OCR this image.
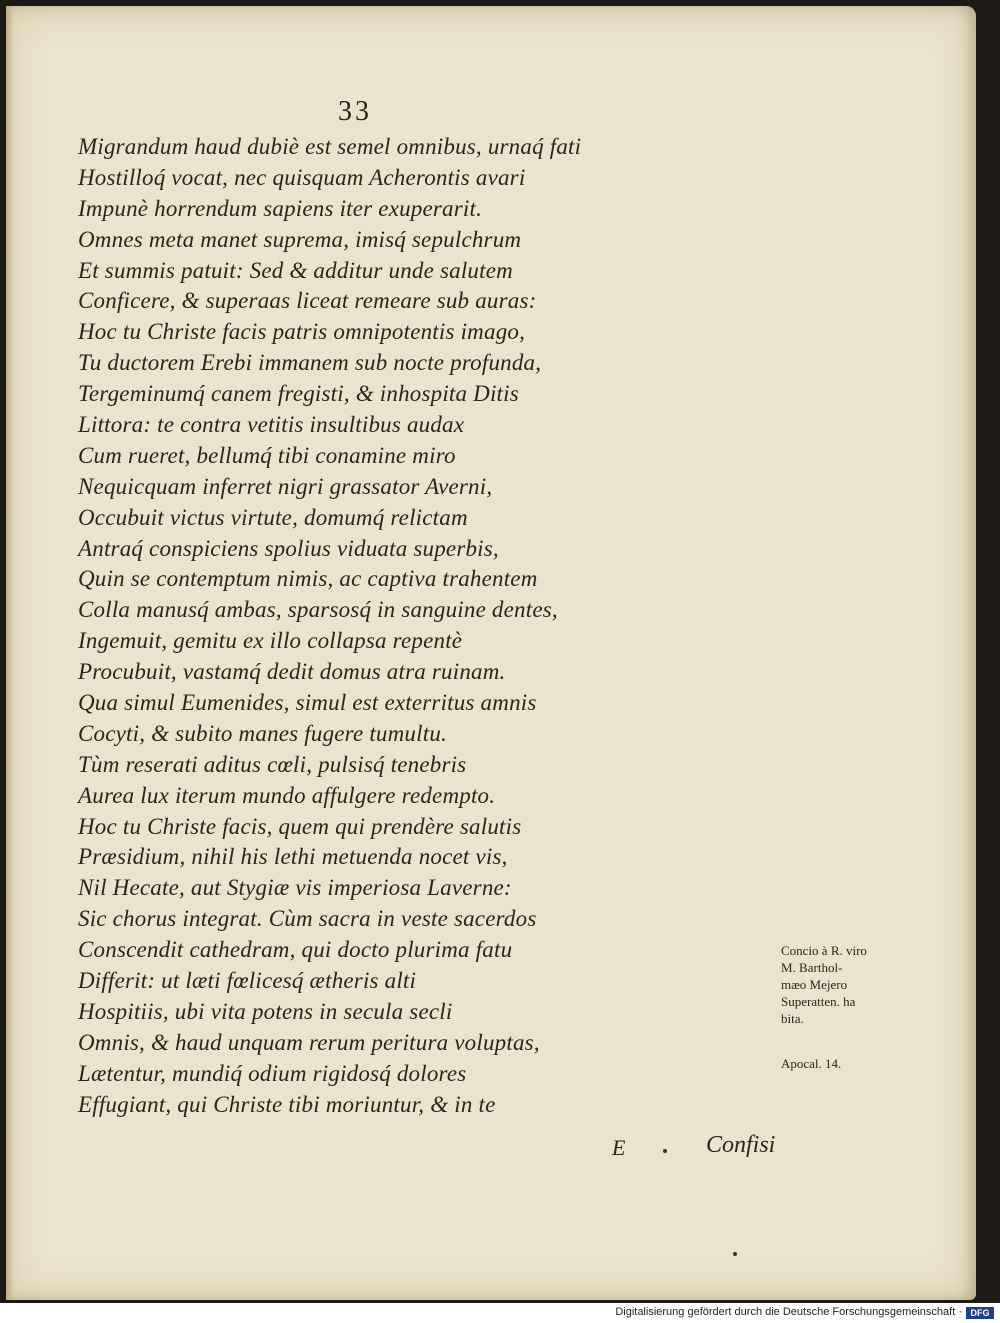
33
Migrandum haud dubiè est semel omnibus, urnaq́ fati
Hostilloq́ vocat, nec quisquam Acherontis avari
Impunè horrendum sapiens iter exuperarit.
Omnes meta manet suprema, imisq́ sepulchrum
Et summis patuit: Sed & additur unde salutem
Conficere, & superaas liceat remeare sub auras:
Hoc tu Christe facis patris omnipotentis imago,
Tu ductorem Erebi immanem sub nocte profunda,
Tergeminumq́ canem fregisti, & inhospita Ditis
Littora: te contra vetitis insultibus audax
Cum rueret, bellumq́ tibi conamine miro
Nequicquam inferret nigri grassator Averni,
Occubuit victus virtute, domumq́ relictam
Antraq́ conspiciens spolius viduata superbis,
Quin se contemptum nimis, ac captiva trahentem
Colla manusq́ ambas, sparsosq́ in sanguine dentes,
Ingemuit, gemitu ex illo collapsa repentè
Procubuit, vastamq́ dedit domus atra ruinam.
Qua simul Eumenides, simul est exterritus amnis
Cocyti, & subito manes fugere tumultu.
Tùm reserati aditus cœli, pulsisq́ tenebris
Aurea lux iterum mundo affulgere redempto.
Hoc tu Christe facis, quem qui prendère salutis
Præsidium, nihil his lethi metuenda nocet vis,
Nil Hecate, aut Stygiæ vis imperiosa Laverne:
Sic chorus integrat. Cùm sacra in veste sacerdos
Conscendit cathedram, qui docto plurima fatu
Differit: ut læti fœlicesq́ ætheris alti
Hospitiis, ubi vita potens in secula secli
Omnis, & haud unquam rerum peritura voluptas,
Lætentur, mundiq́ odium rigidosq́ dolores
Effugiant, qui Christe tibi moriuntur, & in te
Concio à R. viro
M. Barthol-
mæo Mejero
Superatten. ha
bita.
Apocal. 14.
E	Confisi
Digitalisierung gefördert durch die Deutsche Forschungsgemeinschaft · DFG
